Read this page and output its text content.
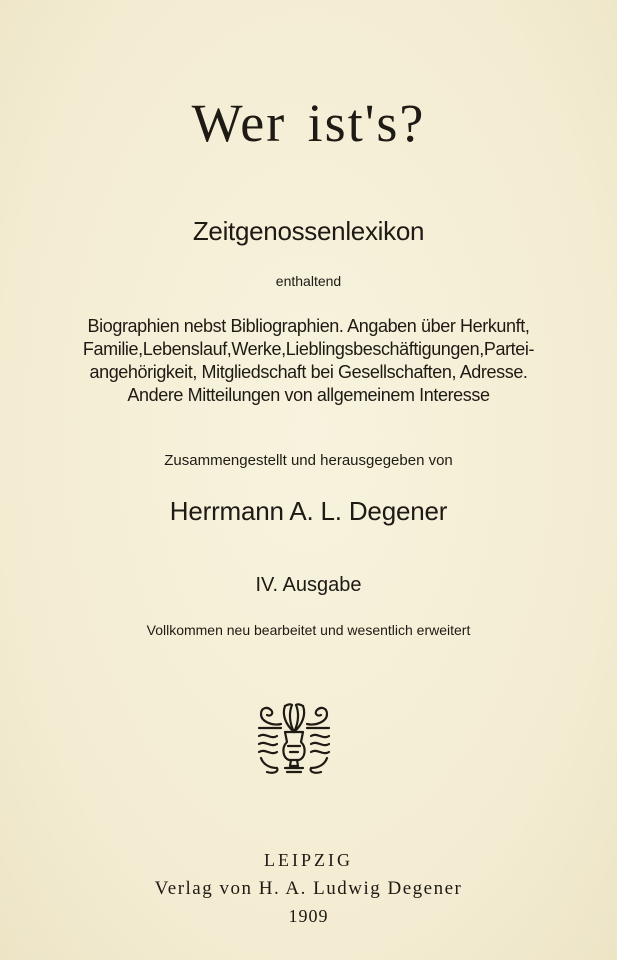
Wer ist's?
Zeitgenossenlexikon
enthaltend
Biographien nebst Bibliographien. Angaben über Herkunft,
Familie,Lebenslauf,Werke,Lieblingsbeschäftigungen,Partei-
angehörigkeit, Mitgliedschaft bei Gesellschaften, Adresse.
Andere Mitteilungen von allgemeinem Interesse
Zusammengestellt und herausgegeben von
Herrmann A. L. Degener
IV. Ausgabe
Vollkommen neu bearbeitet und wesentlich erweitert
LEIPZIG
Verlag von H. A. Ludwig Degener
1909
